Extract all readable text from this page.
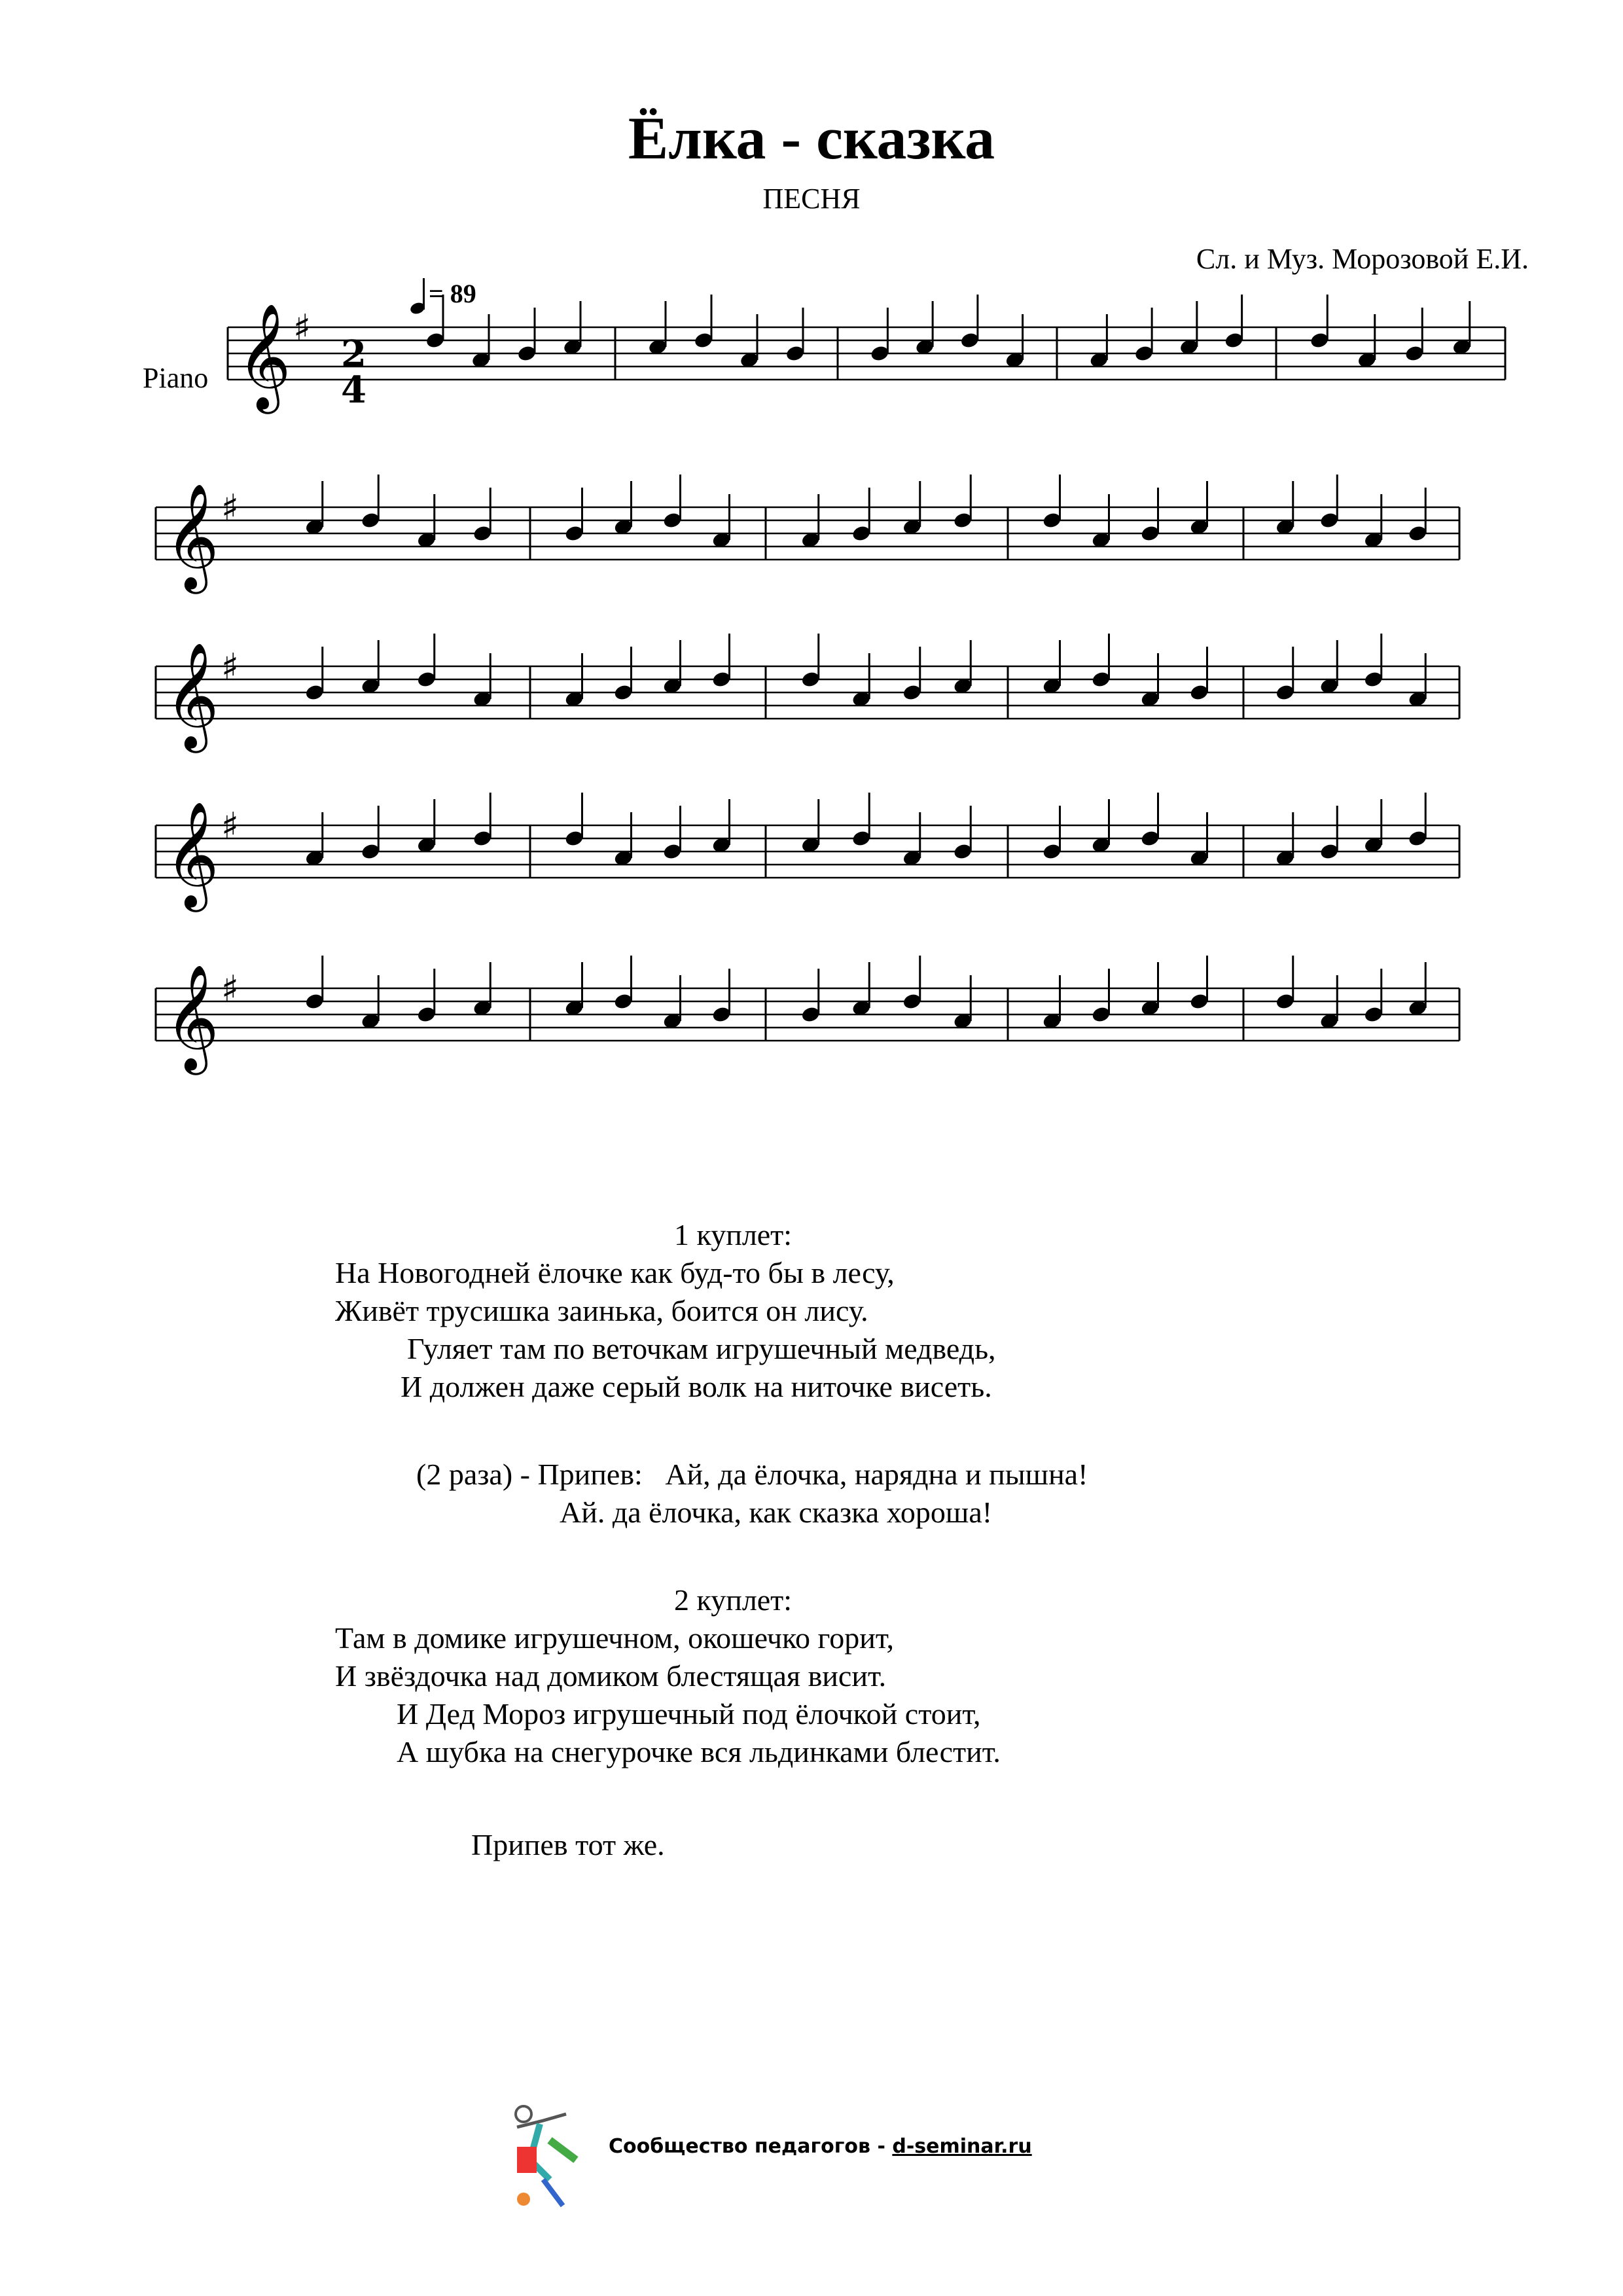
Ёлка - сказка
ПЕСНЯ
Сл. и Муз. Морозовой Е.И.
= 89
Piano 𝄞 ♯
𝄞 ♯
𝄞 ♯
𝄞 ♯
𝄞 ♯
2
4
1 куплет:
На Новогодней ёлочке как буд-то бы в лесу,
Живёт трусишка заинька, боится он лису.
Гуляет там по веточкам игрушечный медведь,
И должен даже серый волк на ниточке висеть.
(2 раза) - Припев:   Ай, да ёлочка, нарядна и пышна!
Ай. да ёлочка, как сказка хороша!
2 куплет:
Там в домике игрушечном, окошечко горит,
И звёздочка над домиком блестящая висит.
И Дед Мороз игрушечный под ёлочкой стоит,
А шубка на снегурочке вся льдинками блестит.
Припев тот же.
Сообщество педагогов - d-seminar.ru
